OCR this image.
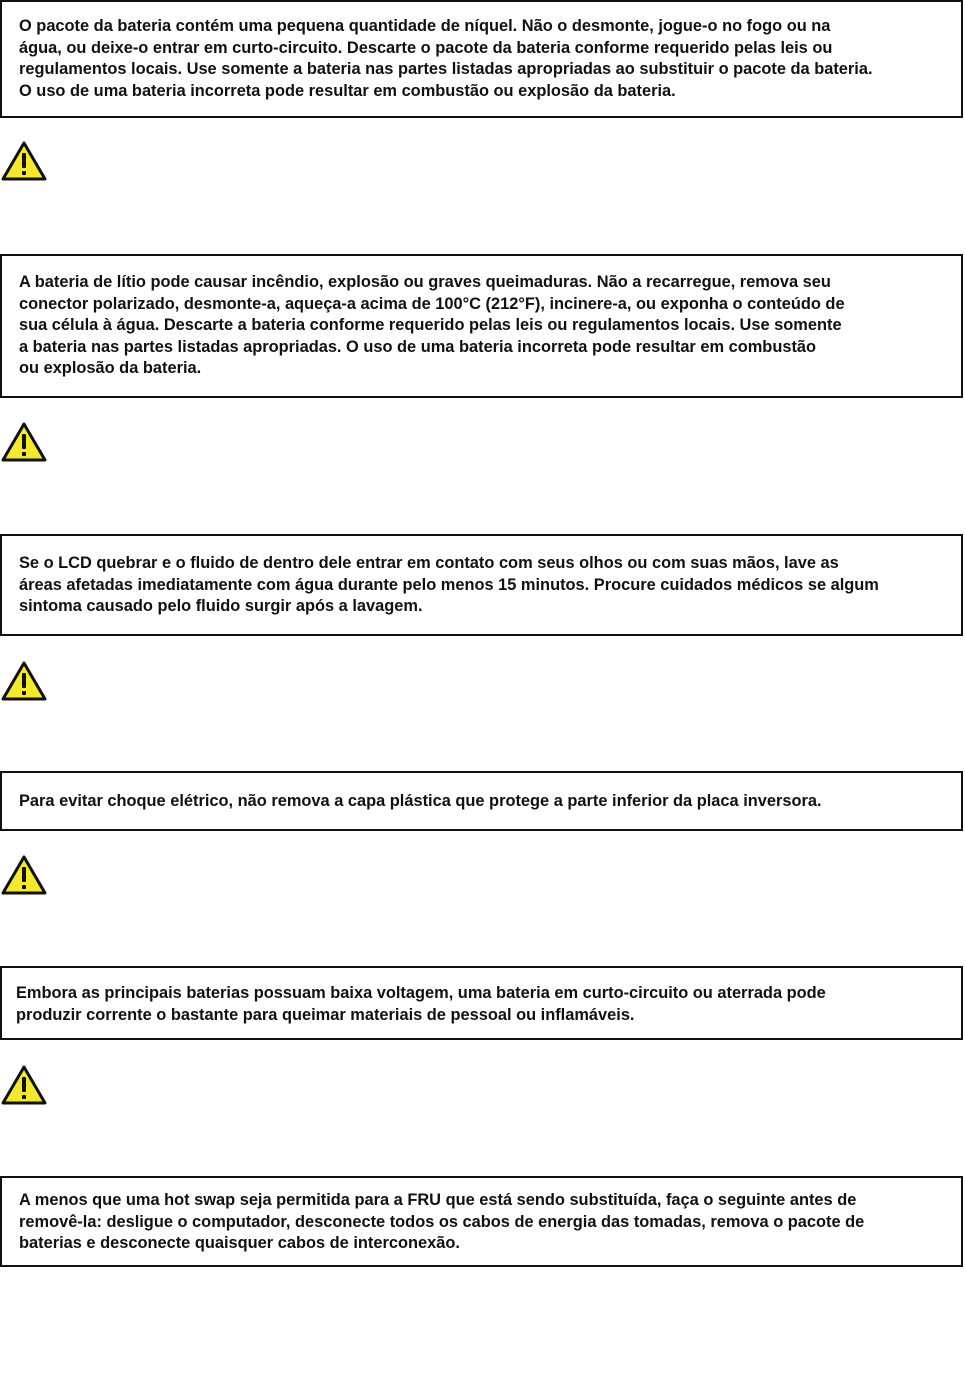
O pacote da bateria contém uma pequena quantidade de níquel. Não o desmonte, jogue-o no fogo ou na
água, ou deixe-o entrar em curto-circuito. Descarte o pacote da bateria conforme requerido pelas leis ou
regulamentos locais. Use somente a bateria nas partes listadas apropriadas ao substituir o pacote da bateria.
O uso de uma bateria incorreta pode resultar em combustão ou explosão da bateria.
A bateria de lítio pode causar incêndio, explosão ou graves queimaduras. Não a recarregue, remova seu
conector polarizado, desmonte-a, aqueça-a acima de 100°C (212°F), incinere-a, ou exponha o conteúdo de
sua célula à água. Descarte a bateria conforme requerido pelas leis ou regulamentos locais. Use somente
a bateria nas partes listadas apropriadas. O uso de uma bateria incorreta pode resultar em combustão
ou explosão da bateria.
Se o LCD quebrar e o fluido de dentro dele entrar em contato com seus olhos ou com suas mãos, lave as
áreas afetadas imediatamente com água durante pelo menos 15 minutos. Procure cuidados médicos se algum
sintoma causado pelo fluido surgir após a lavagem.
Para evitar choque elétrico, não remova a capa plástica que protege a parte inferior da placa inversora.
Embora as principais baterias possuam baixa voltagem, uma bateria em curto-circuito ou aterrada pode
produzir corrente o bastante para queimar materiais de pessoal ou inflamáveis.
A menos que uma hot swap seja permitida para a FRU que está sendo substituída, faça o seguinte antes de
removê-la: desligue o computador, desconecte todos os cabos de energia das tomadas, remova o pacote de
baterias e desconecte quaisquer cabos de interconexão.
